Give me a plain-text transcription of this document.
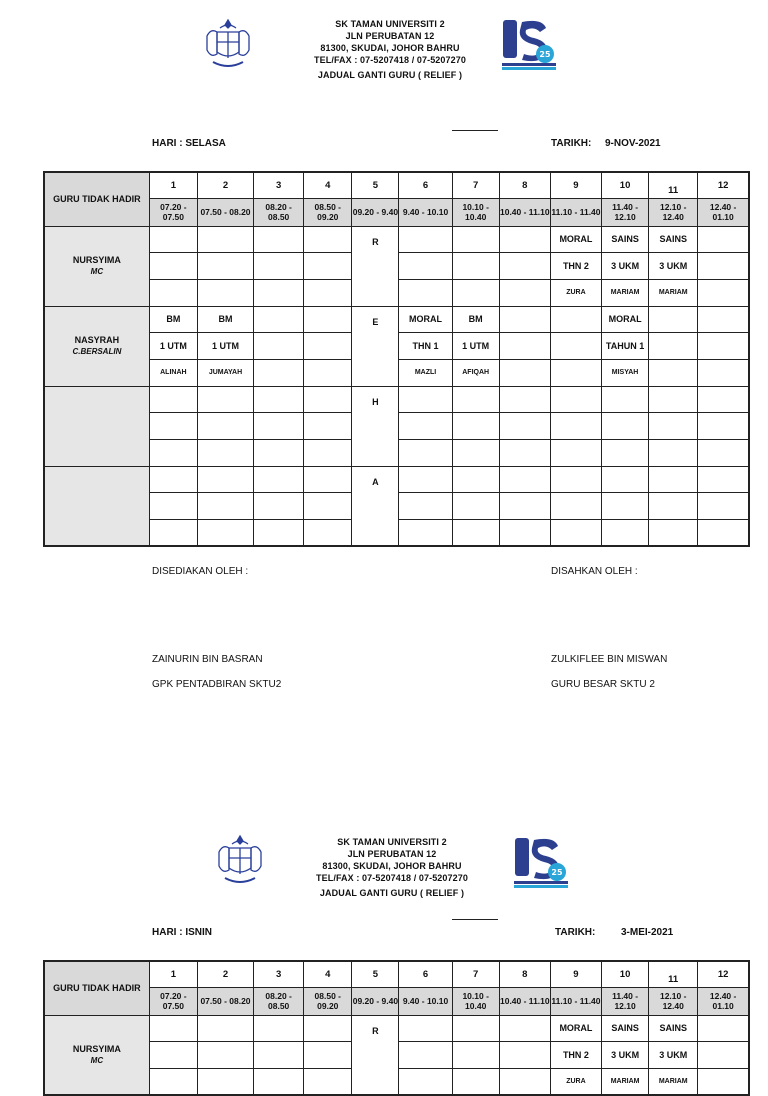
SK TAMAN UNIVERSITI 2
JLN PERUBATAN 12
81300, SKUDAI, JOHOR BAHRU
TEL/FAX : 07-5207418 / 07-5207270
JADUAL GANTI GURU ( RELIEF )
25
HARI : SELASA	TARIKH: 9-NOV-2021
GURU TIDAK HADIR	1	2	3	4	5	6	7	8	9	10	11	12
	07.20 - 07.50	07.50 - 08.20	08.20 - 08.50	08.50 - 09.20	09.20 - 9.40	9.40 - 10.10	10.10 - 10.40	10.40 - 11.10	11.10 - 11.40	11.40 - 12.10	12.10 - 12.40	12.40 - 01.10
NURSYIMA
MC					R				MORAL	SAINS	SAINS	
									THN 2	3 UKM	3 UKM	
									ZURA	MARIAM	MARIAM	
NASYRAH
C.BERSALIN	BM	BM			E	MORAL	BM			MORAL		
	1 UTM	1 UTM				THN 1	1 UTM			TAHUN 1		
	ALINAH	JUMAYAH				MAZLI	AFIQAH			MISYAH		

					H							

					A							

DISEDIAKAN OLEH :	DISAHKAN OLEH :
ZAINURIN BIN BASRAN	ZULKIFLEE BIN MISWAN
GPK PENTADBIRAN SKTU2	GURU BESAR SKTU 2
SK TAMAN UNIVERSITI 2
JLN PERUBATAN 12
81300, SKUDAI, JOHOR BAHRU
TEL/FAX : 07-5207418 / 07-5207270
JADUAL GANTI GURU ( RELIEF )
25
HARI : ISNIN	TARIKH:	3-MEI-2021
GURU TIDAK HADIR	1	2	3	4	5	6	7	8	9	10	11	12
	07.20 - 07.50	07.50 - 08.20	08.20 - 08.50	08.50 - 09.20	09.20 - 9.40	9.40 - 10.10	10.10 - 10.40	10.40 - 11.10	11.10 - 11.40	11.40 - 12.10	12.10 - 12.40	12.40 - 01.10
NURSYIMA
MC					R				MORAL	SAINS	SAINS	
									THN 2	3 UKM	3 UKM	
									ZURA	MARIAM	MARIAM	
